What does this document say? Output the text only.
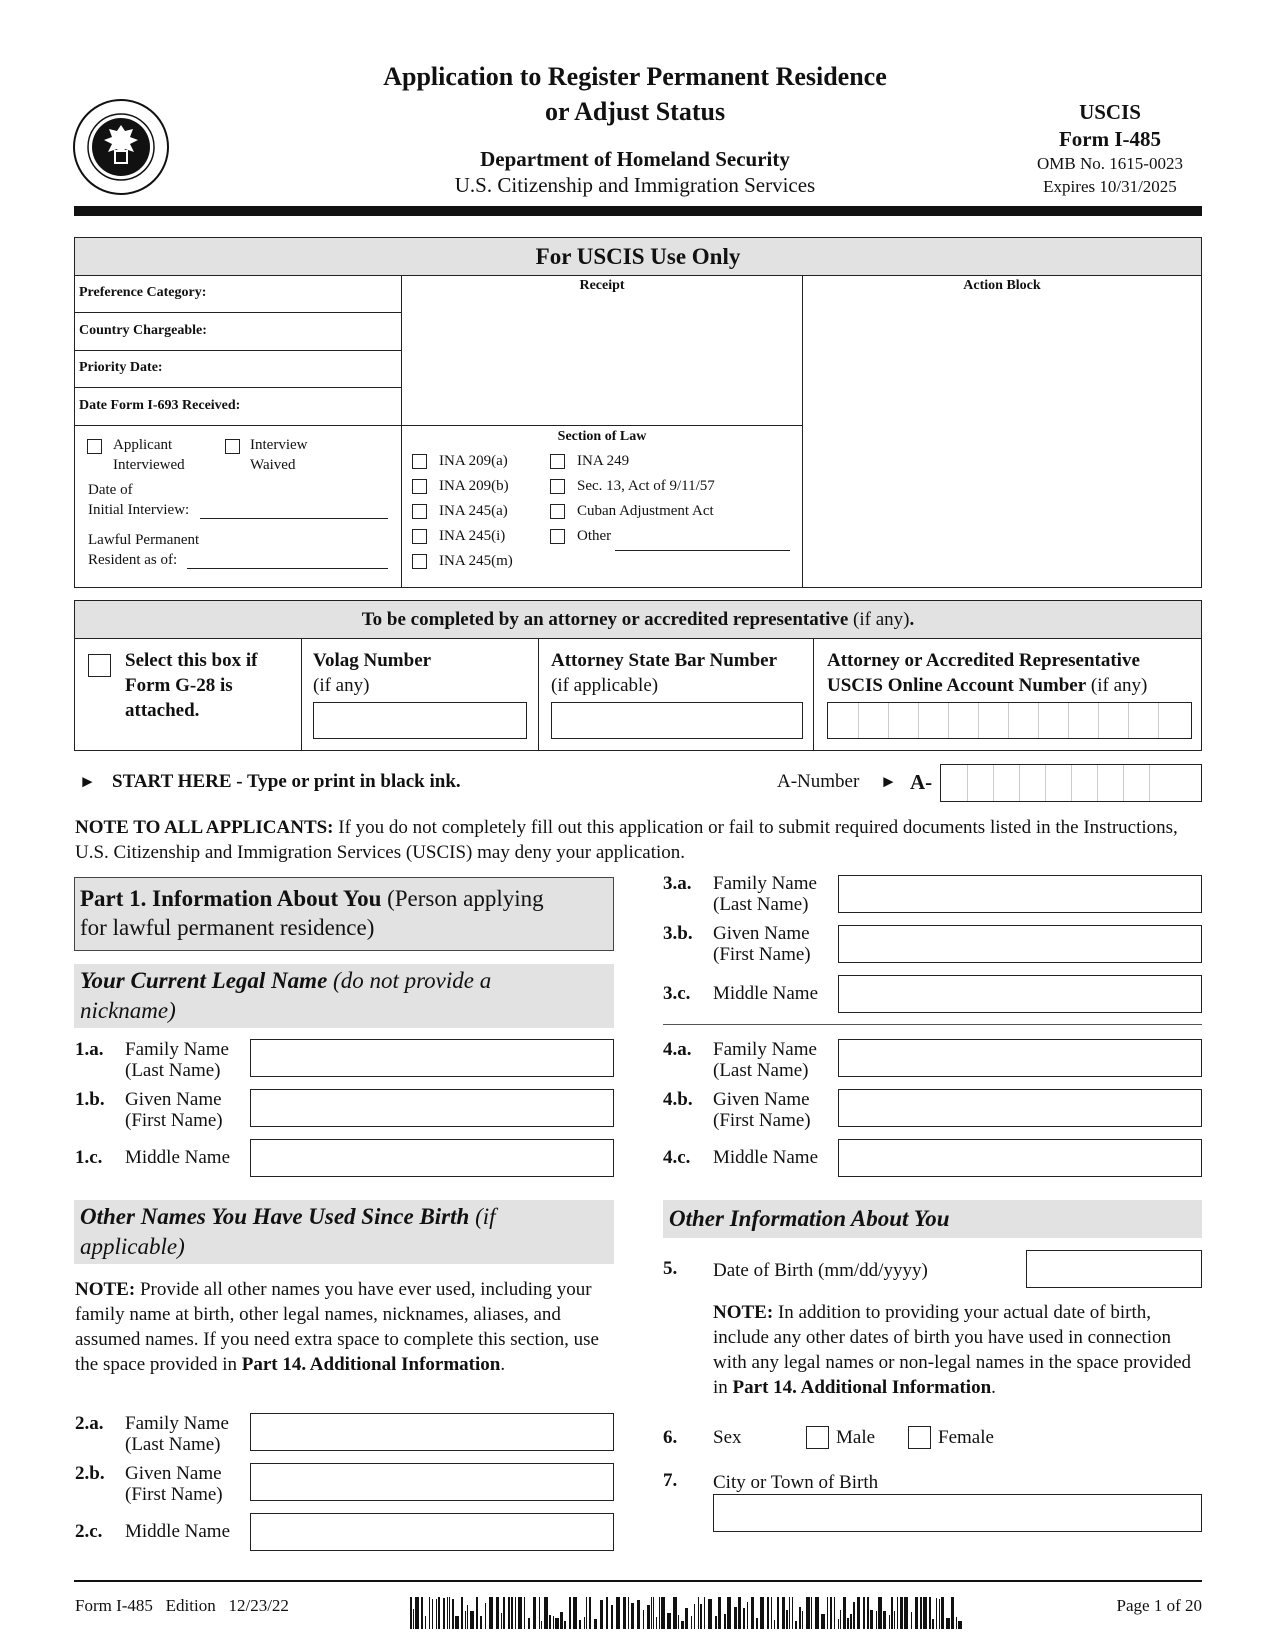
Application to Register Permanent Residence
or Adjust Status
Department of Homeland Security
U.S. Citizenship and Immigration Services
USCIS
Form I-485
OMB No. 1615-0023
Expires 10/31/2025
For USCIS Use Only
Preference Category:
Country Chargeable:
Priority Date:
Date Form I-693 Received:
Receipt	Action Block
Applicant
Interviewed
Interview
Waived
Date of
Initial Interview:
Lawful Permanent
Resident as of:
Section of Law
INA 209(a)
INA 209(b)
INA 245(a)
INA 245(i)
INA 245(m)
INA 249
Sec. 13, Act of 9/11/57
Cuban Adjustment Act
Other
To be completed by an attorney or accredited representative (if any).
Select this box if
Form G-28 is
attached.
Volag Number
(if any)
Attorney State Bar Number
(if applicable)
Attorney or Accredited Representative
USCIS Online Account Number (if any)
► START HERE - Type or print in black ink.	A-Number ► A-
NOTE TO ALL APPLICANTS: If you do not completely fill out this application or fail to submit required documents listed in the Instructions, U.S. Citizenship and Immigration Services (USCIS) may deny your application.
Part 1. Information About You (Person applying
for lawful permanent residence)
Your Current Legal Name (do not provide a
nickname)
1.a. Family Name
(Last Name)
1.b. Given Name
(First Name)
1.c. Middle Name
Other Names You Have Used Since Birth (if
applicable)
NOTE: Provide all other names you have ever used, including your family name at birth, other legal names, nicknames, aliases, and assumed names. If you need extra space to complete this section, use the space provided in Part 14. Additional Information.
2.a. Family Name
(Last Name)
2.b. Given Name
(First Name)
2.c. Middle Name
3.a. Family Name
(Last Name)
3.b. Given Name
(First Name)
3.c. Middle Name
4.a. Family Name
(Last Name)
4.b. Given Name
(First Name)
4.c. Middle Name
Other Information About You
5. Date of Birth (mm/dd/yyyy)
NOTE: In addition to providing your actual date of birth, include any other dates of birth you have used in connection with any legal names or non-legal names in the space provided in Part 14. Additional Information.
6. Sex	Male	Female
7. City or Town of Birth
Form I-485   Edition   12/23/22	Page 1 of 20
